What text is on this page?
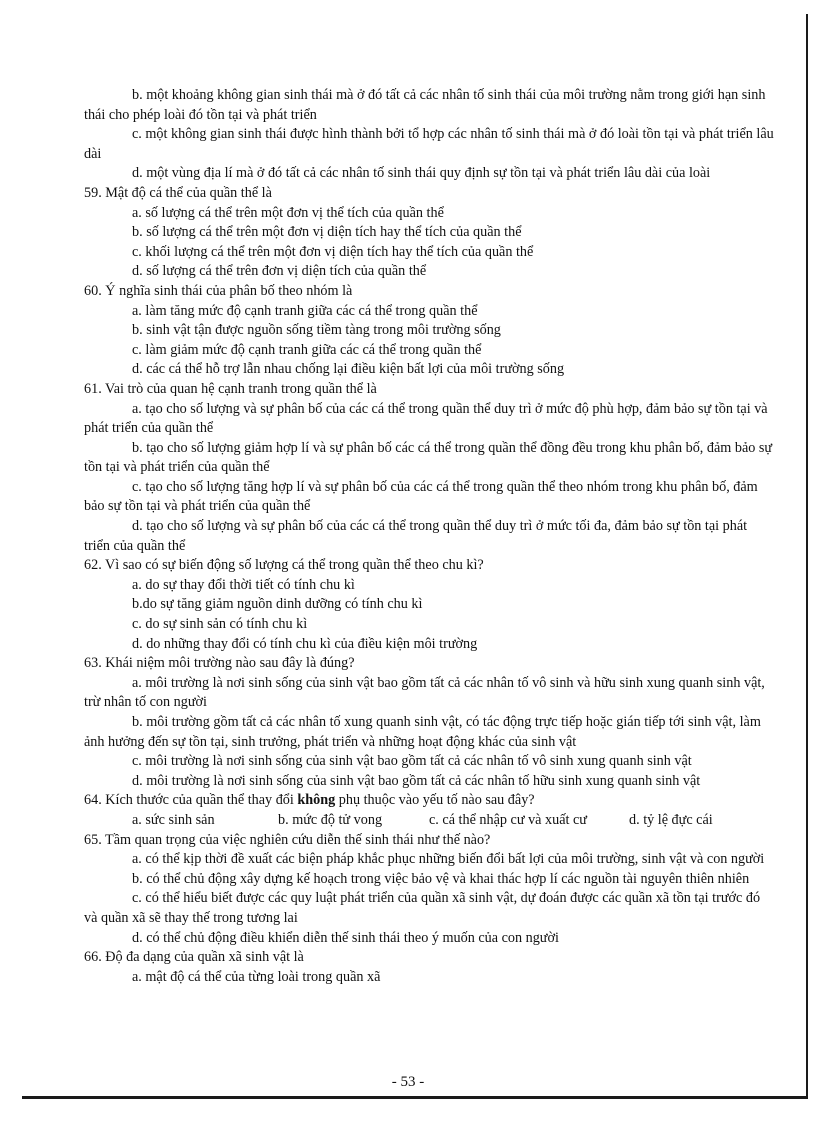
b. một khoảng không gian sinh thái mà ở đó tất cả các nhân tố sinh thái của môi trường nằm trong giới hạn sinh thái cho phép loài đó tồn tại và phát triển

c. một không gian sinh thái được hình thành bởi tổ hợp các nhân tố sinh thái mà ở đó loài tồn tại và phát triển lâu dài

d. một vùng địa lí mà ở đó tất cả các nhân tố sinh thái quy định sự tồn tại và phát triển lâu dài của loài

59. Mật độ cá thể của quần thể là

a. số lượng cá thể trên một đơn vị thể tích của quần thể

b. số lượng cá thể trên một đơn vị diện tích hay thể tích của quần thể

c. khối lượng cá thể trên một đơn vị diện tích hay thể tích của quần thể

d. số lượng cá thể trên đơn vị diện tích của quần thể

60. Ý nghĩa sinh thái của phân bố theo nhóm là

a. làm tăng mức độ cạnh tranh giữa các cá thể trong quần thể

b. sinh vật tận được nguồn sống tiềm tàng trong môi trường sống

c. làm giảm mức độ cạnh tranh giữa các cá thể trong quần thể

d. các cá thể hỗ trợ lẫn nhau chống lại điều kiện bất lợi của môi trường sống

61. Vai trò của quan hệ cạnh tranh trong quần thể là

a. tạo cho số lượng và sự phân bố của các cá thể trong quần thể duy trì ở mức độ phù hợp, đảm bảo sự tồn tại và phát triển của quần thể

b. tạo cho số lượng giảm hợp lí và sự phân bố các cá thể trong quần thể đồng đều trong khu phân bố, đảm bảo sự tồn tại và phát triển của quần thể

c. tạo cho số lượng tăng hợp lí và sự phân bố của các cá thể trong quần thể theo nhóm trong khu phân bố, đảm bảo sự tồn tại và phát triển của quần thể

d. tạo cho số lượng và sự phân bố của các cá thể trong quần thể duy trì ở mức tối đa, đảm bảo sự tồn tại phát triển của quần thể

62. Vì sao có sự biến động số lượng cá thể trong quần thể theo chu kì?

a. do sự thay đổi thời tiết có tính chu kì

b.do sự tăng giảm nguồn dinh dưỡng có tính chu kì

c. do sự sinh sản có tính chu kì

d. do những thay đổi có tính chu kì của điều kiện môi trường

63. Khái niệm môi trường nào sau đây là đúng?

a. môi trường là nơi sinh sống của sinh vật bao gồm tất cả các nhân tố vô sinh và hữu sinh xung quanh sinh vật, trừ nhân tố con người

b. môi trường gồm tất cả các nhân tố xung quanh sinh vật, có tác động trực tiếp hoặc gián tiếp tới sinh vật, làm ảnh hưởng đến sự tồn tại, sinh trưởng, phát triển và những hoạt động khác của sinh vật

c. môi trường là nơi sinh sống của sinh vật bao gồm tất cả các nhân tố vô sinh xung quanh sinh vật

d. môi trường là nơi sinh sống của sinh vật bao gồm tất cả các nhân tố hữu sinh xung quanh sinh vật

64. Kích thước của quần thể thay đổi không phụ thuộc vào yếu tố nào sau đây?

a. sức sinh sản	b. mức độ tử vong	c. cá thể nhập cư và xuất cư	d. tỷ lệ đực cái

65. Tầm quan trọng của việc nghiên cứu diễn thế sinh thái như thế nào?

a. có thể kịp thời đề xuất các biện pháp khắc phục những biến đổi bất lợi của môi trường, sinh vật và con người

b. có thể chủ động xây dựng kế hoạch trong việc bảo vệ và khai thác hợp lí các nguồn tài nguyên thiên nhiên

c. có thể hiểu biết được các quy luật phát triển của quần xã sinh vật, dự đoán được các quần xã tồn tại trước đó và quần xã sẽ thay thế trong tương lai

d. có thể chủ động điều khiển diễn thế sinh thái theo ý muốn của con người

66. Độ đa dạng của quần xã sinh vật là

a. mật độ cá thể của từng loài trong quần xã

- 53 -
